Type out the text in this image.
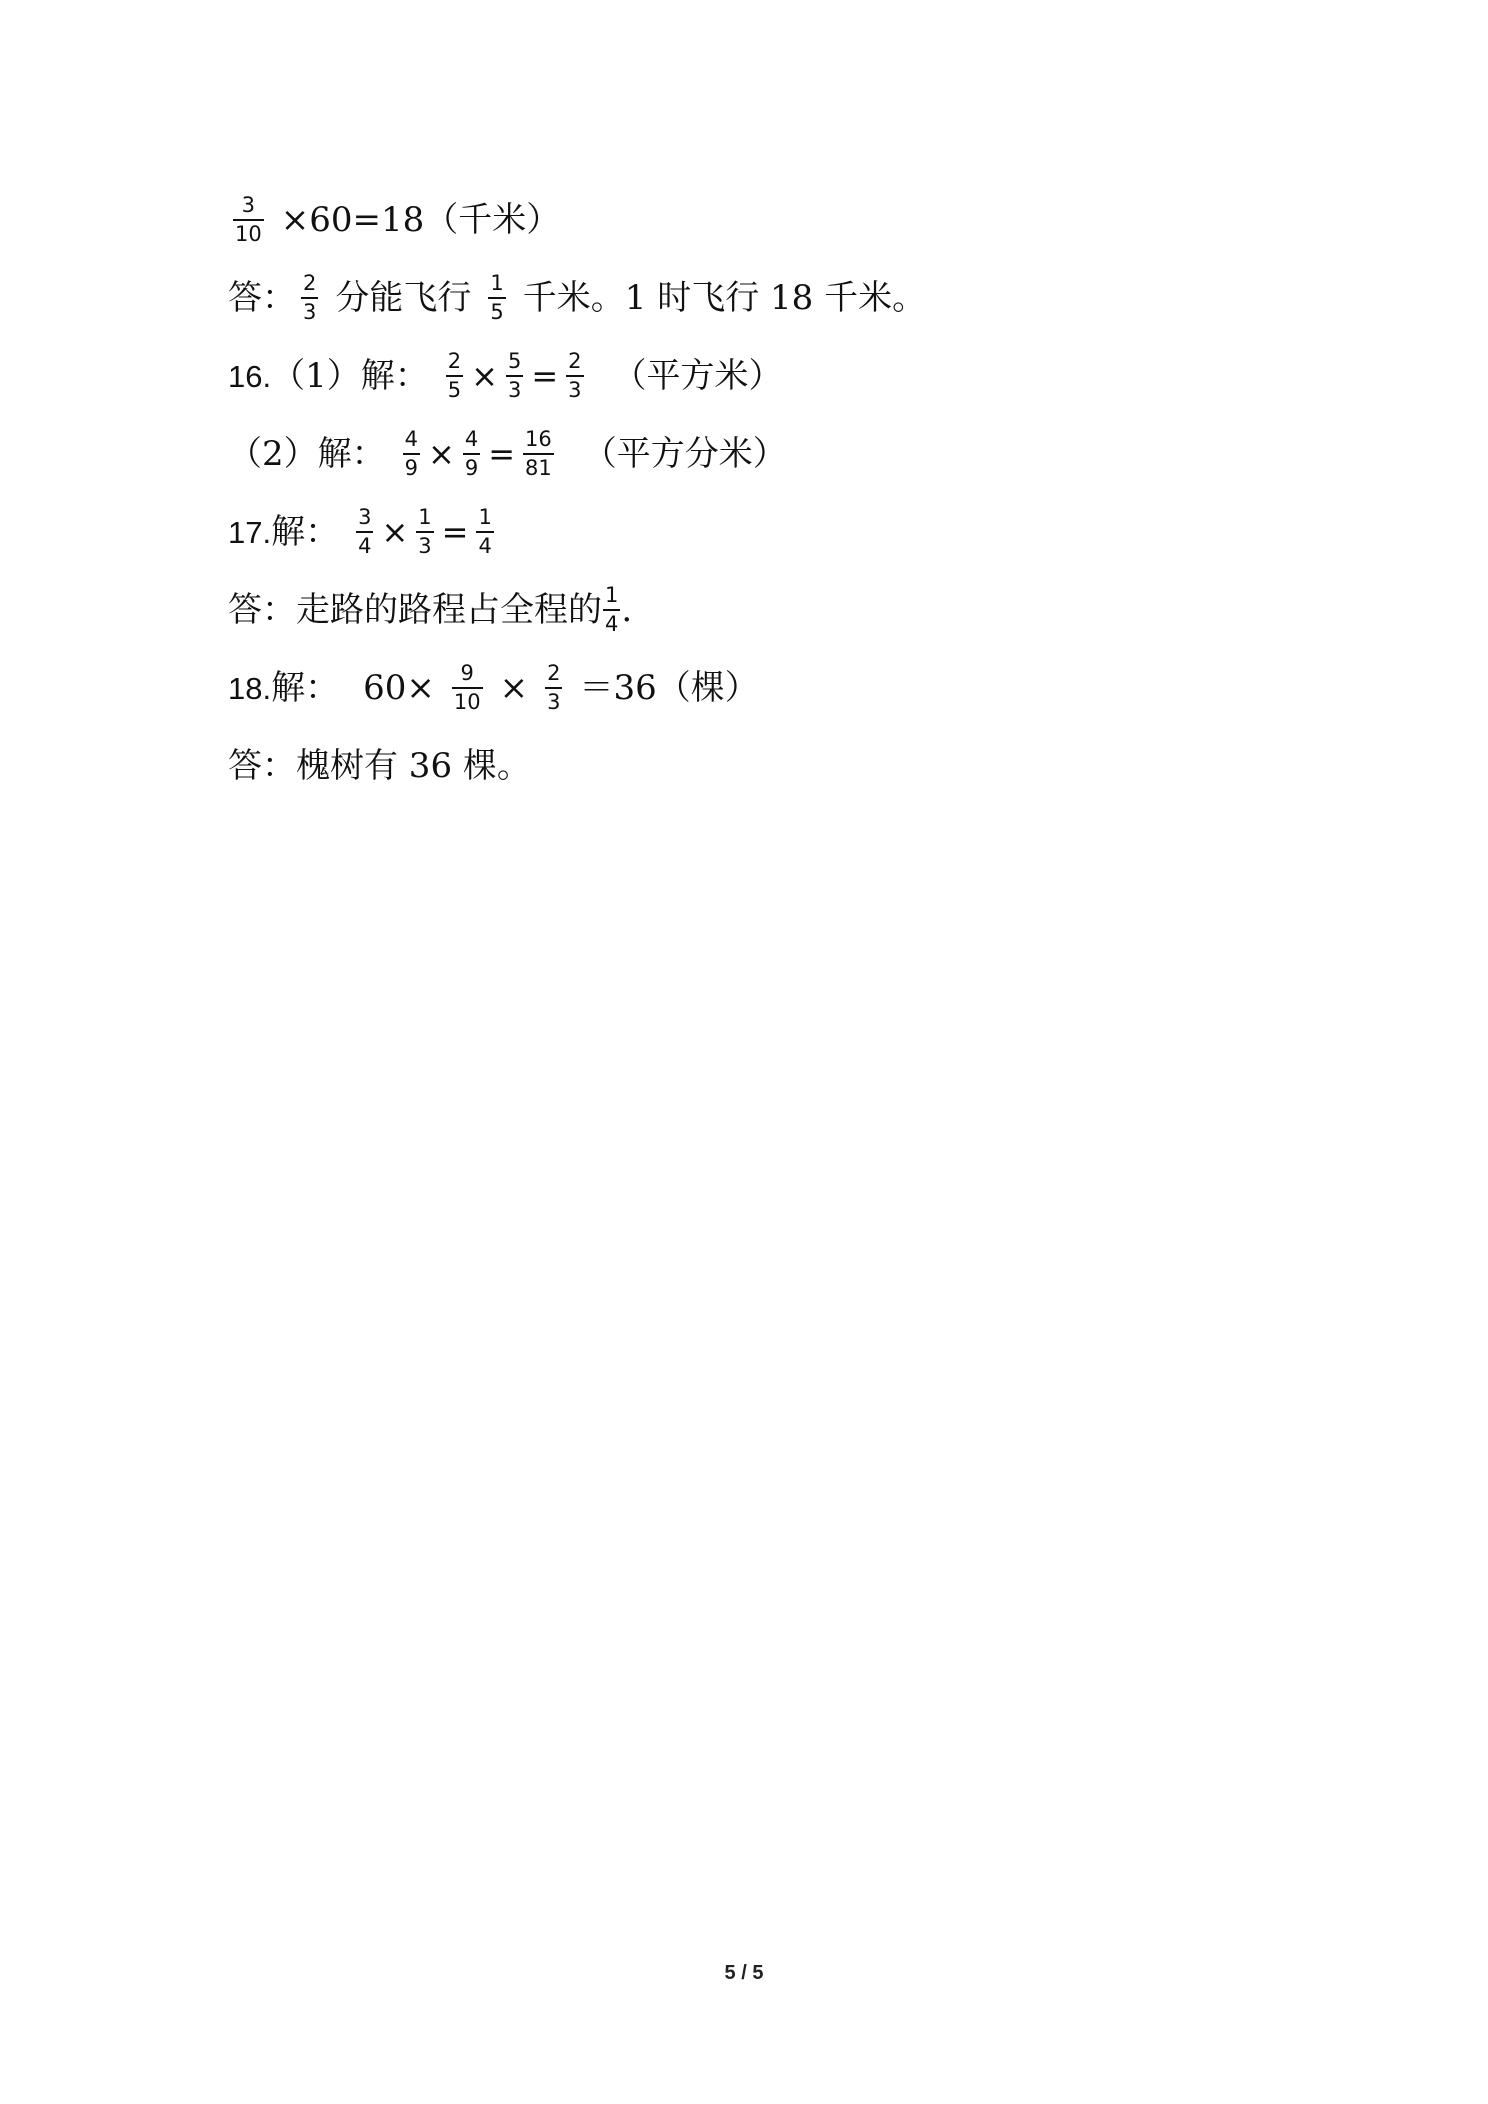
$\frac{3}{10} \times 60=18$（千米）
答： $\frac{2}{3}$ 分能飞行 $\frac{1}{5}$ 千米。1 时飞行 18 千米。
16. （1）解： $\frac{2}{5} \times \frac{5}{3} = \frac{2}{3}$ （平方米）
（2）解： $\frac{4}{9} \times \frac{4}{9} = \frac{16}{81}$ （平方分米）
17. 解： $\frac{3}{4} \times \frac{1}{3} = \frac{1}{4}$
答：走路的路程占全程的 $\frac{1}{4}$ .
18. 解： $60\times \frac{9}{10} \times \frac{2}{3} =36$（棵）
答：槐树有 36 棵。
5 / 5
